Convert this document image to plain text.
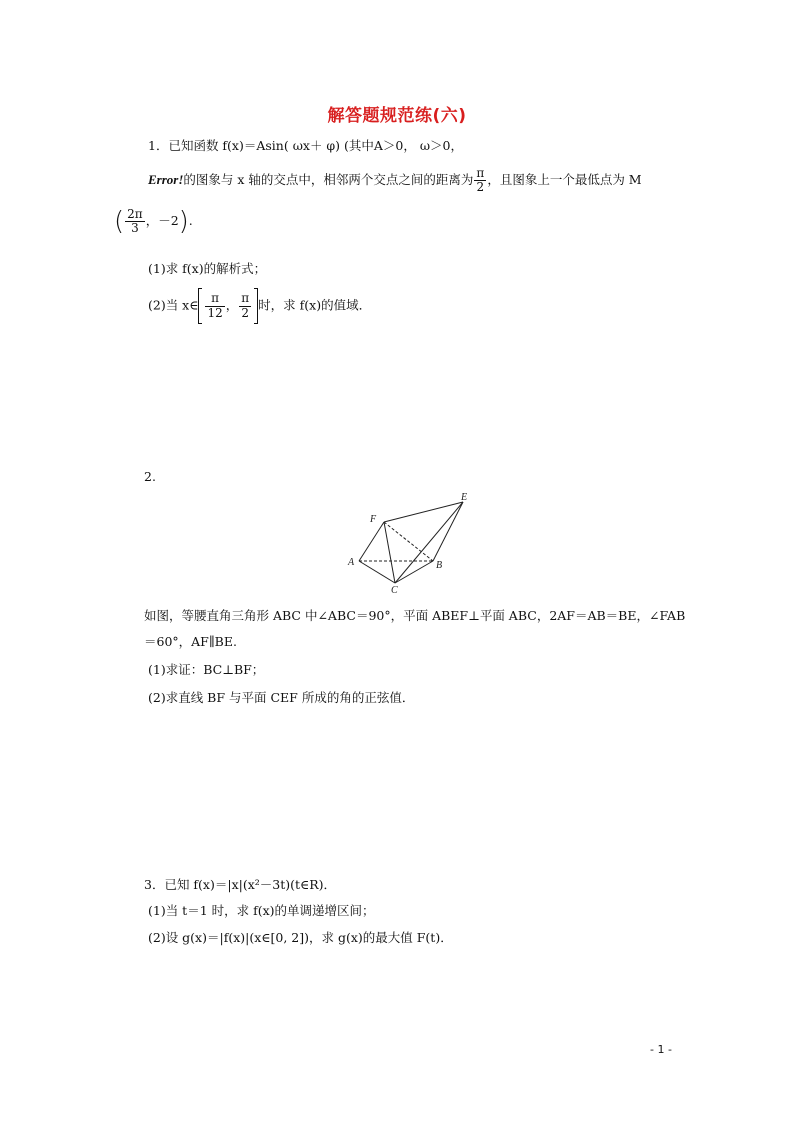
解答题规范练(六)
1．已知函数 f(x)＝Asin( ωx＋ φ) (其中A＞0， ω＞0，
Error!的图象与 x 轴的交点中，相邻两个交点之间的距离为 $\frac{\pi}{2}$ ，且图象上一个最低点为 M
( $\frac{2\pi}{3}$ ，－2).
(1)求 f(x)的解析式；
(2)当 x∈ $\frac{\pi}{12}$ ， $\frac{\pi}{2}$ 时，求 f(x)的值域．
2.
A	B
C
E
F
如图，等腰直角三角形 ABC 中∠ABC＝90°，平面 ABEF⊥平面 ABC，2AF＝AB＝BE，∠FAB
＝60°，AF∥BE.
(1)求证：BC⊥BF；
(2)求直线 BF 与平面 CEF 所成的角的正弦值．
3．已知 f(x)＝|x|(x²－3t)(t∈R)．
(1)当 t＝1 时，求 f(x)的单调递增区间；
(2)设 g(x)＝|f(x)|(x∈[0, 2])，求 g(x)的最大值 F(t)．
- 1 -
